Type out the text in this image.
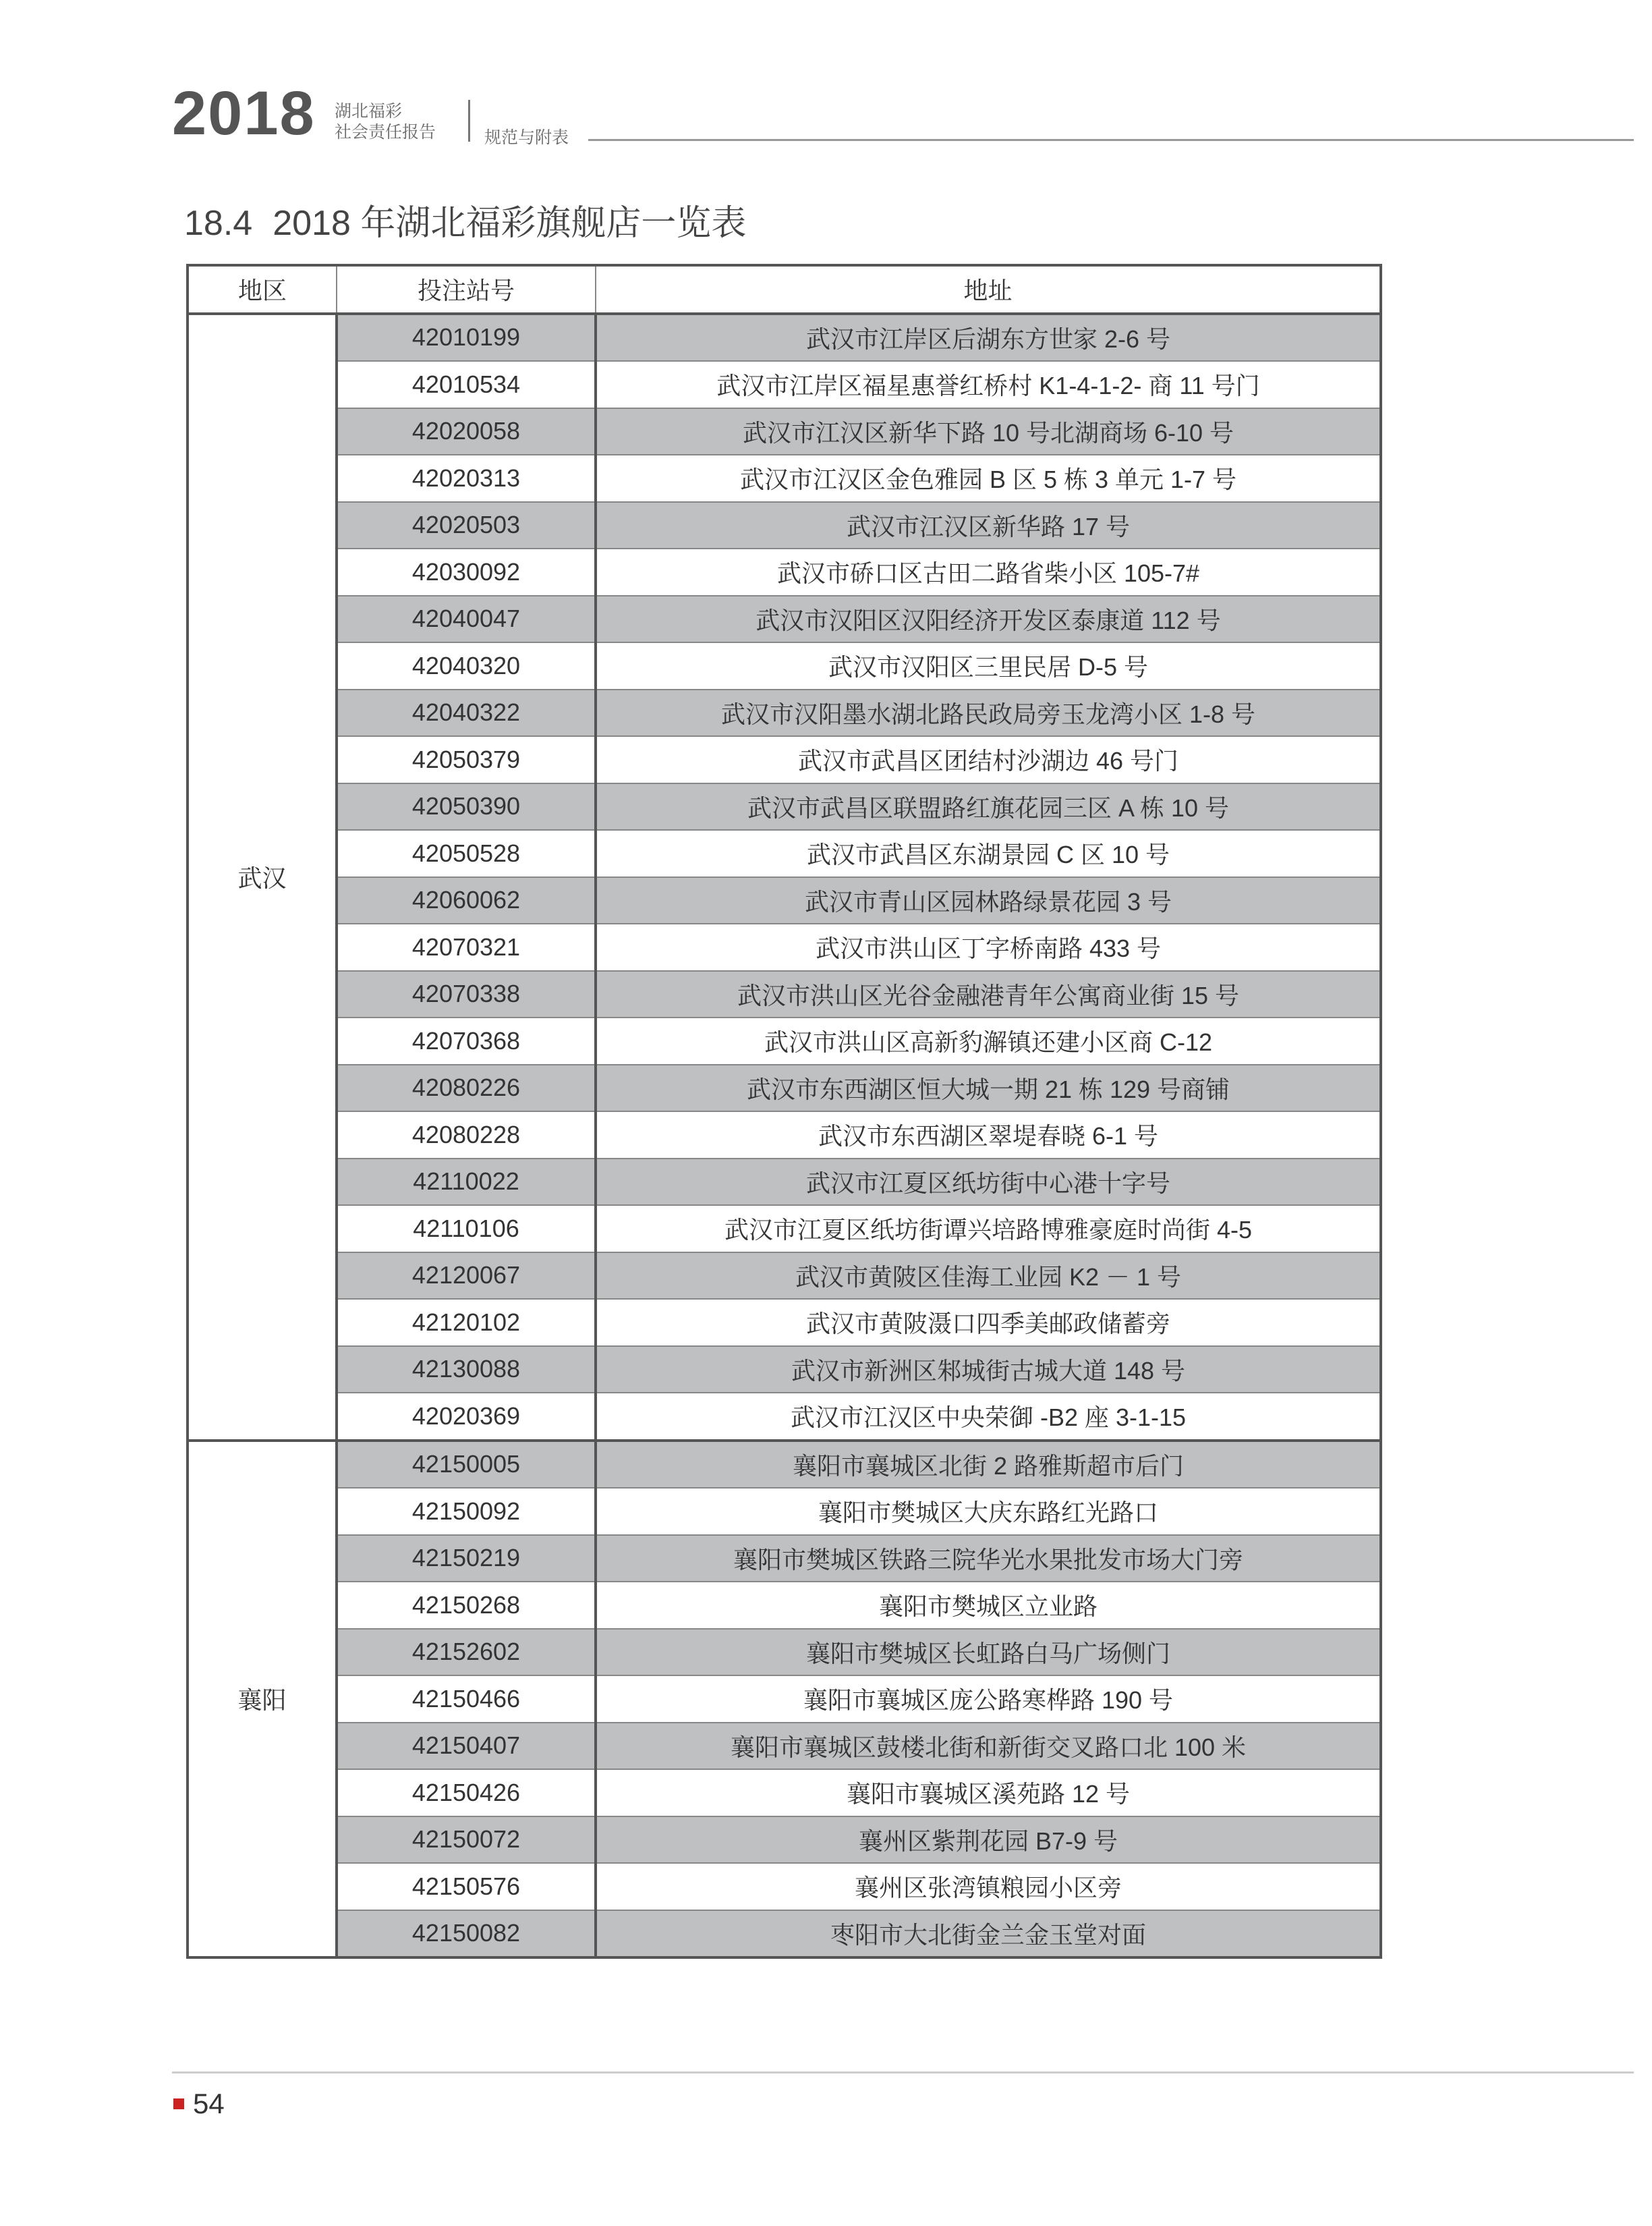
2018 湖北福彩
社会责任报告	规范与附表
18.4 2018 年湖北福彩旗舰店一览表
地区	投注站号	地址
武汉	42010199	武汉市江岸区后湖东方世家 2-6 号
	42010534	武汉市江岸区福星惠誉红桥村 K1-4-1-2- 商 11 号门
	42020058	武汉市江汉区新华下路 10 号北湖商场 6-10 号
	42020313	武汉市江汉区金色雅园 B 区 5 栋 3 单元 1-7 号
	42020503	武汉市江汉区新华路 17 号
	42030092	武汉市硚口区古田二路省柴小区 105-7#
	42040047	武汉市汉阳区汉阳经济开发区泰康道 112 号
	42040320	武汉市汉阳区三里民居 D-5 号
	42040322	武汉市汉阳墨水湖北路民政局旁玉龙湾小区 1-8 号
	42050379	武汉市武昌区团结村沙湖边 46 号门
	42050390	武汉市武昌区联盟路红旗花园三区 A 栋 10 号
	42050528	武汉市武昌区东湖景园 C 区 10 号
	42060062	武汉市青山区园林路绿景花园 3 号
	42070321	武汉市洪山区丁字桥南路 433 号
	42070338	武汉市洪山区光谷金融港青年公寓商业街 15 号
	42070368	武汉市洪山区高新豹澥镇还建小区商 C-12
	42080226	武汉市东西湖区恒大城一期 21 栋 129 号商铺
	42080228	武汉市东西湖区翠堤春晓 6-1 号
	42110022	武汉市江夏区纸坊街中心港十字号
	42110106	武汉市江夏区纸坊街谭兴培路博雅豪庭时尚街 4-5
	42120067	武汉市黄陂区佳海工业园 K2 － 1 号
	42120102	武汉市黄陂滠口四季美邮政储蓄旁
	42130088	武汉市新洲区邾城街古城大道 148 号
	42020369	武汉市江汉区中央荣御 -B2 座 3-1-15
襄阳	42150005	襄阳市襄城区北街 2 路雅斯超市后门
	42150092	襄阳市樊城区大庆东路红光路口
	42150219	襄阳市樊城区铁路三院华光水果批发市场大门旁
	42150268	襄阳市樊城区立业路
	42152602	襄阳市樊城区长虹路白马广场侧门
	42150466	襄阳市襄城区庞公路寒桦路 190 号
	42150407	襄阳市襄城区鼓楼北街和新街交叉路口北 100 米
	42150426	襄阳市襄城区溪苑路 12 号
	42150072	襄州区紫荆花园 B7-9 号
	42150576	襄州区张湾镇粮园小区旁
	42150082	枣阳市大北街金兰金玉堂对面
54
